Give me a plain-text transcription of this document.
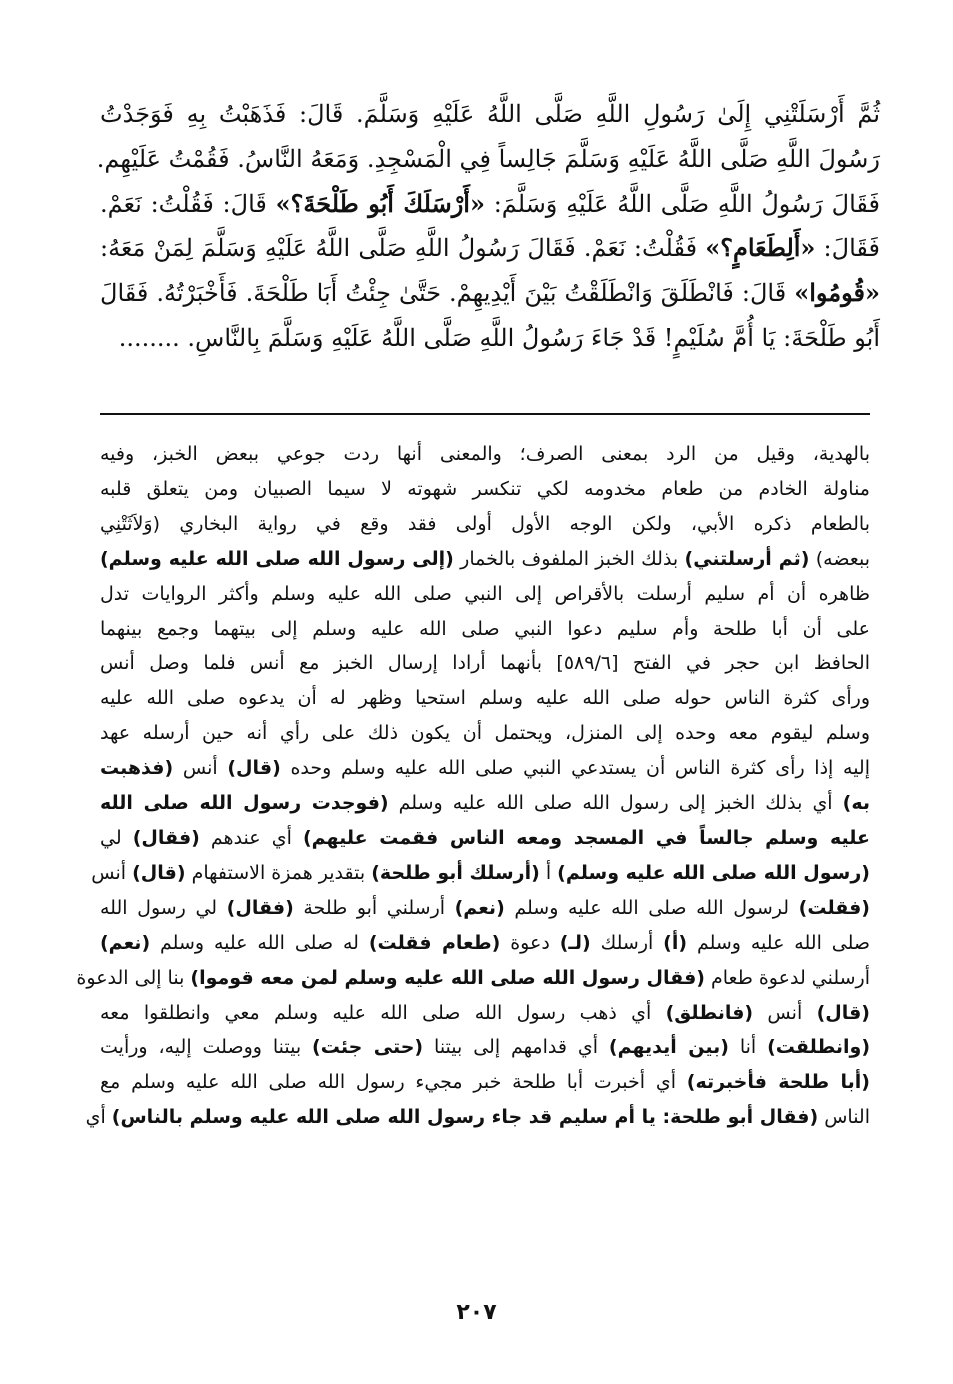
ثُمَّ أَرْسَلَتْنِي إِلَىٰ رَسُولِ اللَّهِ صَلَّى اللَّهُ عَلَيْهِ وَسَلَّمَ. قَالَ: فَذَهَبْتُ بِهِ فَوَجَدْتُ
رَسُولَ اللَّهِ صَلَّى اللَّهُ عَلَيْهِ وَسَلَّمَ جَالِساً فِي الْمَسْجِدِ. وَمَعَهُ النَّاسُ. فَقُمْتُ عَلَيْهِم.
فَقَالَ رَسُولُ اللَّهِ صَلَّى اللَّهُ عَلَيْهِ وَسَلَّمَ: «أَرْسَلَكَ أَبُو طَلْحَةَ؟» قَالَ: فَقُلْتُ: نَعَمْ.
فَقَالَ: «أَلِطَعَامٍ؟» فَقُلْتُ: نَعَمْ. فَقَالَ رَسُولُ اللَّهِ صَلَّى اللَّهُ عَلَيْهِ وَسَلَّمَ لِمَنْ مَعَهُ:
«قُومُوا» قَالَ: فَانْطَلَقَ وَانْطَلَقْتُ بَيْنَ أَيْدِيهِمْ. حَتَّىٰ جِئْتُ أَبَا طَلْحَةَ. فَأَخْبَرْتُهُ. فَقَالَ
أَبُو طَلْحَةَ: يَا أُمَّ سُلَيْمٍ! قَدْ جَاءَ رَسُولُ اللَّهِ صَلَّى اللَّهُ عَلَيْهِ وَسَلَّمَ بِالنَّاسِ. ........
بالهدية، وقيل من الرد بمعنى الصرف؛ والمعنى أنها ردت جوعي ببعض الخبز، وفيه
مناولة الخادم من طعام مخدومه لكي تنكسر شهوته لا سيما الصبيان ومن يتعلق قلبه
بالطعام ذكره الأبي، ولكن الوجه الأول أولى فقد وقع في رواية البخاري (وَلاَثَتْنِي
ببعضه) (ثم أرسلتني) بذلك الخبز الملفوف بالخمار (إلى رسول الله صلى الله عليه وسلم)
ظاهره أن أم سليم أرسلت بالأقراص إلى النبي صلى الله عليه وسلم وأكثر الروايات تدل
على أن أبا طلحة وأم سليم دعوا النبي صلى الله عليه وسلم إلى بيتهما وجمع بينهما
الحافظ ابن حجر في الفتح [٥٨٩/٦] بأنهما أرادا إرسال الخبز مع أنس فلما وصل أنس
ورأى كثرة الناس حوله صلى الله عليه وسلم استحيا وظهر له أن يدعوه صلى الله عليه
وسلم ليقوم معه وحده إلى المنزل، ويحتمل أن يكون ذلك على رأي أنه حين أرسله عهد
إليه إذا رأى كثرة الناس أن يستدعي النبي صلى الله عليه وسلم وحده (قال) أنس (فذهبت
به) أي بذلك الخبز إلى رسول الله صلى الله عليه وسلم (فوجدت رسول الله صلى الله
عليه وسلم جالساً في المسجد ومعه الناس فقمت عليهم) أي عندهم (فقال) لي
(رسول الله صلى الله عليه وسلم) أ (أرسلك أبو طلحة) بتقدير همزة الاستفهام (قال) أنس
(فقلت) لرسول الله صلى الله عليه وسلم (نعم) أرسلني أبو طلحة (فقال) لي رسول الله
صلى الله عليه وسلم (أ) أرسلك (لـ) دعوة (طعام فقلت) له صلى الله عليه وسلم (نعم)
أرسلني لدعوة طعام (فقال رسول الله صلى الله عليه وسلم لمن معه قوموا) بنا إلى الدعوة
(قال) أنس (فانطلق) أي ذهب رسول الله صلى الله عليه وسلم معي وانطلقوا معه
(وانطلقت) أنا (بين أيديهم) أي قدامهم إلى بيتنا (حتى جئت) بيتنا ووصلت إليه، ورأيت
(أبا طلحة فأخبرته) أي أخبرت أبا طلحة خبر مجيء رسول الله صلى الله عليه وسلم مع
الناس (فقال أبو طلحة: يا أم سليم قد جاء رسول الله صلى الله عليه وسلم بالناس) أي
٢٠٧
